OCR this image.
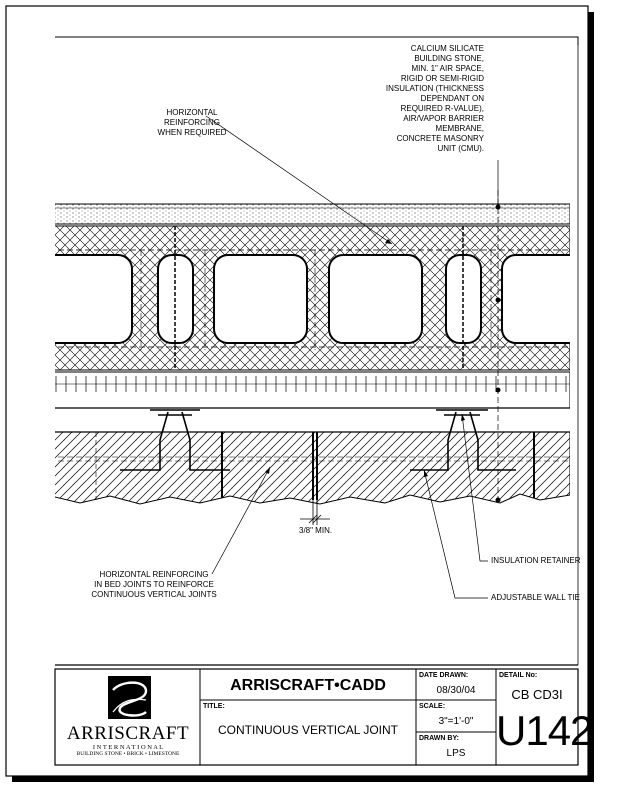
CALCIUM SILICATE
BUILDING STONE,
MIN. 1" AIR SPACE,
RIGID OR SEMI-RIGID
INSULATION (THICKNESS
DEPENDANT ON
REQUIRED R-VALUE),
AIR/VAPOR BARRIER
MEMBRANE,
CONCRETE MASONRY
UNIT (CMU).
HORIZONTAL
REINFORCING
WHEN REQUIRED
3/8" MIN.
HORIZONTAL REINFORCING
IN BED JOINTS TO REINFORCE
CONTINUOUS VERTICAL JOINTS
INSULATION RETAINER
ADJUSTABLE WALL TIE
ARRISCRAFT
I N T E R N A T I O N A L
BUILDING STONE • BRICK • LIMESTONE
ARRISCRAFT•CADD
TITLE:
CONTINUOUS VERTICAL JOINT
DATE DRAWN:
08/30/04
SCALE:
3"=1'-0"
DRAWN BY:
LPS
DETAIL No:
CB CD3I
U142
